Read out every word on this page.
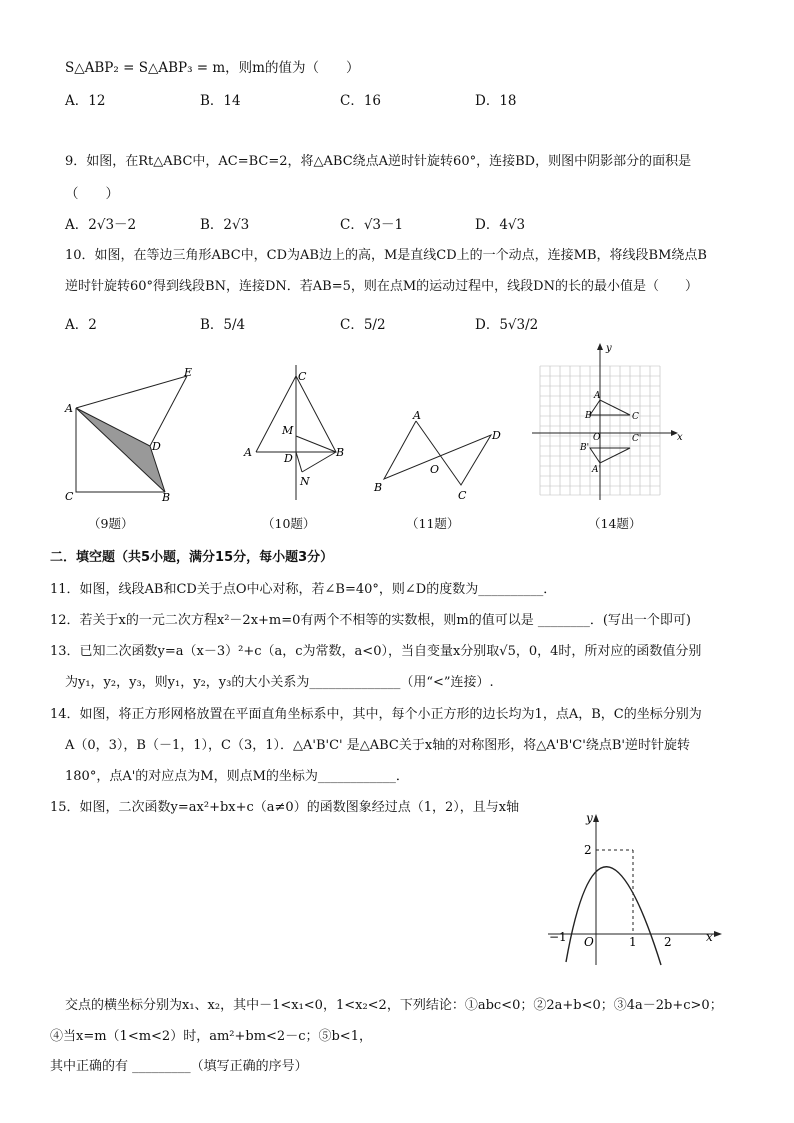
S△ABP₂ = S△ABP₃ = m，则m的值为（　　）
A．12	B．14	C．16	D．18
9．如图，在Rt△ABC中，AC=BC=2，将△ABC绕点A逆时针旋转60°，连接BD，则图中阴影部分的面积是
（　　）
A．2√3－2	B．2√3	C．√3－1	D．4√3
10．如图，在等边三角形ABC中，CD为AB边上的高，M是直线CD上的一个动点，连接MB，将线段BM绕点B
逆时针旋转60°得到线段BN，连接DN．若AB=5，则在点M的运动过程中，线段DN的长的最小值是（　　）
A．2	B．5/4	C．5/2	D．5√3/2
A
C	B
D
E	C
M
A	B
D
N
A
B
D
C
O
y
x
A
B	C
O	C'
B'
A'
（9题）	（10题）	（11题）	（14题）
二．填空题（共5小题，满分15分，每小题3分）
11．如图，线段AB和CD关于点O中心对称，若∠B=40°，则∠D的度数为__________．
12．若关于x的一元二次方程x²－2x+m=0有两个不相等的实数根，则m的值可以是 ________．(写出一个即可)
13．已知二次函数y=a（x－3）²+c（a，c为常数，a<0），当自变量x分别取√5，0，4时，所对应的函数值分别
为y₁，y₂，y₃，则y₁，y₂，y₃的大小关系为______________（用“<”连接）.
14．如图，将正方形网格放置在平面直角坐标系中，其中，每个小正方形的边长均为1，点A，B，C的坐标分别为
A（0，3），B（－1，1），C（3，1）．△A'B'C' 是△ABC关于x轴的对称图形，将△A'B'C'绕点B'逆时针旋转
180°，点A'的对应点为M，则点M的坐标为____________．
15．如图，二次函数y=ax²+bx+c（a≠0）的函数图象经过点（1，2），且与x轴
y
x
2
−1 O	1 2
交点的横坐标分别为x₁、x₂，其中－1<x₁<0，1<x₂<2，下列结论：①abc<0；②2a+b<0；③4a－2b+c>0；
④当x=m（1<m<2）时，am²+bm<2－c；⑤b<1，
其中正确的有 _________（填写正确的序号）
